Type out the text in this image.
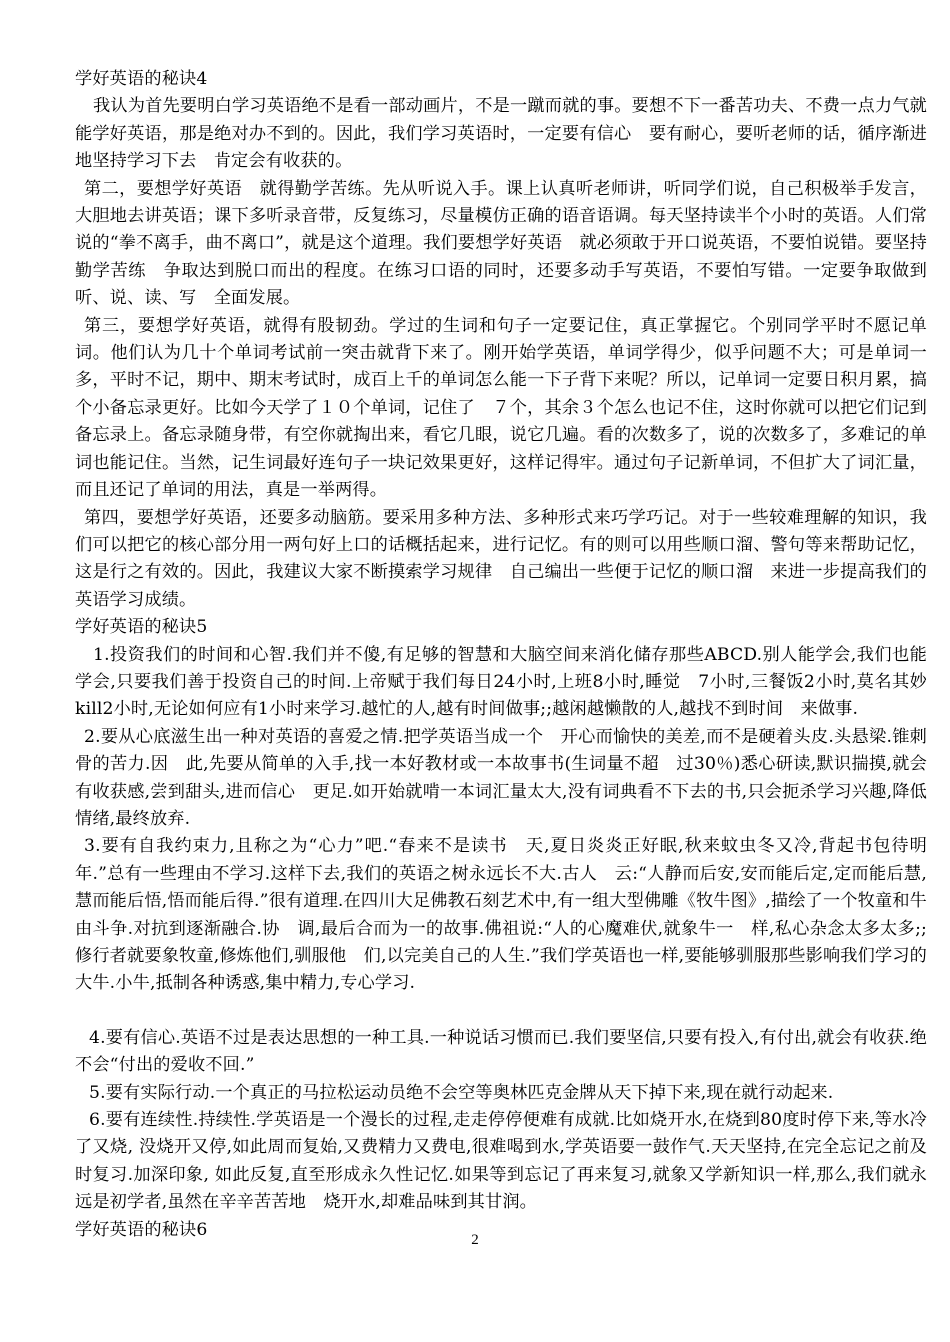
学好英语的秘诀4

我认为首先要明白学习英语绝不是看一部动画片，不是一蹴而就的事。要想不下一番苦功夫、不费一点力气就能学好英语，那是绝对办不到的。因此，我们学习英语时，一定要有信心　要有耐心，要听老师的话，循序渐进地坚持学习下去　肯定会有收获的。

第二，要想学好英语　就得勤学苦练。先从听说入手。课上认真听老师讲，听同学们说，自己积极举手发言，大胆地去讲英语；课下多听录音带，反复练习，尽量模仿正确的语音语调。每天坚持读半个小时的英语。人们常说的“拳不离手，曲不离口”，就是这个道理。我们要想学好英语　就必须敢于开口说英语，不要怕说错。要坚持勤学苦练　争取达到脱口而出的程度。在练习口语的同时，还要多动手写英语，不要怕写错。一定要争取做到听、说、读、写　全面发展。

第三，要想学好英语，就得有股韧劲。学过的生词和句子一定要记住，真正掌握它。个别同学平时不愿记单词。他们认为几十个单词考试前一突击就背下来了。刚开始学英语，单词学得少，似乎问题不大；可是单词一多，平时不记，期中、期末考试时，成百上千的单词怎么能一下子背下来呢？所以，记单词一定要日积月累，搞个小备忘录更好。比如今天学了１０个单词，记住了　７个，其余３个怎么也记不住，这时你就可以把它们记到备忘录上。备忘录随身带，有空你就掏出来，看它几眼，说它几遍。看的次数多了，说的次数多了，多难记的单词也能记住。当然，记生词最好连句子一块记效果更好，这样记得牢。通过句子记新单词，不但扩大了词汇量，而且还记了单词的用法，真是一举两得。

第四，要想学好英语，还要多动脑筋。要采用多种方法、多种形式来巧学巧记。对于一些较难理解的知识，我们可以把它的核心部分用一两句好上口的话概括起来，进行记忆。有的则可以用些顺口溜、警句等来帮助记忆，这是行之有效的。因此，我建议大家不断摸索学习规律　自己编出一些便于记忆的顺口溜　来进一步提高我们的英语学习成绩。

学好英语的秘诀5

1.投资我们的时间和心智.我们并不傻,有足够的智慧和大脑空间来消化储存那些ABCD.别人能学会,我们也能学会,只要我们善于投资自己的时间.上帝赋于我们每日24小时,上班8小时,睡觉　7小时,三餐饭2小时,莫名其妙kill2小时,无论如何应有1小时来学习.越忙的人,越有时间做事;;越闲越懒散的人,越找不到时间　来做事.

2.要从心底滋生出一种对英语的喜爱之情.把学英语当成一个　开心而愉快的美差,而不是硬着头皮.头悬梁.锥刺骨的苦力.因　此,先要从简单的入手,找一本好教材或一本故事书(生词量不超　过30％)悉心研读,默识揣摸,就会有收获感,尝到甜头,进而信心　更足.如开始就啃一本词汇量太大,没有词典看不下去的书,只会扼杀学习兴趣,降低情绪,最终放弃.

3.要有自我约束力,且称之为“心力”吧.“春来不是读书　天,夏日炎炎正好眠,秋来蚊虫冬又冷,背起书包待明年.”总有一些理由不学习.这样下去,我们的英语之树永远长不大.古人　云:“人静而后安,安而能后定,定而能后慧,慧而能后悟,悟而能后得.”很有道理.在四川大足佛教石刻艺术中,有一组大型佛雕《牧牛图》,描绘了一个牧童和牛由斗争.对抗到逐渐融合.协　调,最后合而为一的故事.佛祖说:“人的心魔难伏,就象牛一　样,私心杂念太多太多;;修行者就要象牧童,修炼他们,驯服他　们,以完美自己的人生.”我们学英语也一样,要能够驯服那些影响我们学习的大牛.小牛,抵制各种诱惑,集中精力,专心学习.

4.要有信心.英语不过是表达思想的一种工具.一种说话习惯而已.我们要坚信,只要有投入,有付出,就会有收获.绝不会“付出的爱收不回.”

5.要有实际行动.一个真正的马拉松运动员绝不会空等奥林匹克金牌从天下掉下来,现在就行动起来.

6.要有连续性.持续性.学英语是一个漫长的过程,走走停停便难有成就.比如烧开水,在烧到80度时停下来,等水冷了又烧, 没烧开又停,如此周而复始,又费精力又费电,很难喝到水,学英语要一鼓作气.天天坚持,在完全忘记之前及时复习.加深印象, 如此反复,直至形成永久性记忆.如果等到忘记了再来复习,就象又学新知识一样,那么,我们就永远是初学者,虽然在辛辛苦苦地　烧开水,却难品味到其甘润。

学好英语的秘诀6

2
